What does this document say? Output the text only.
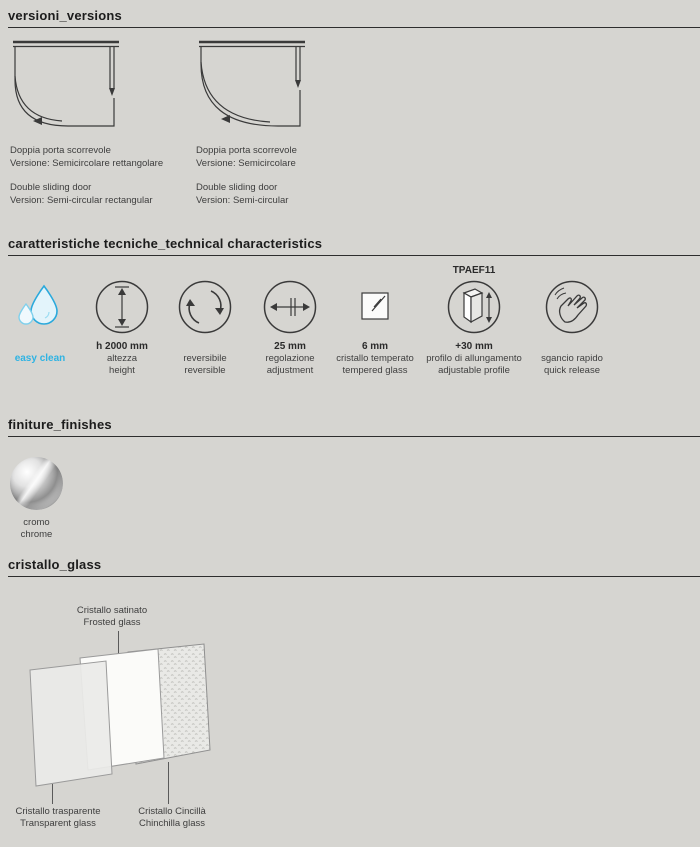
versioni_versions
Doppia porta scorrevole
Versione: Semicircolare rettangolare
Double sliding door
Version: Semi-circular rectangular
Doppia porta scorrevole
Versione: Semicircolare
Double sliding door
Version: Semi-circular
caratteristiche tecniche_technical characteristics
easy clean
h 2000 mm
altezza
height
reversibile
reversible
25 mm
regolazione
adjustment
6 mm
cristallo temperato
tempered glass
TPAEF11
+30 mm
profilo di allungamento
adjustable profile
sgancio rapido
quick release
finiture_finishes
cromo
chrome
cristallo_glass
Cristallo satinato
Frosted glass
Cristallo trasparente
Transparent glass
Cristallo Cincillà
Chinchilla glass
